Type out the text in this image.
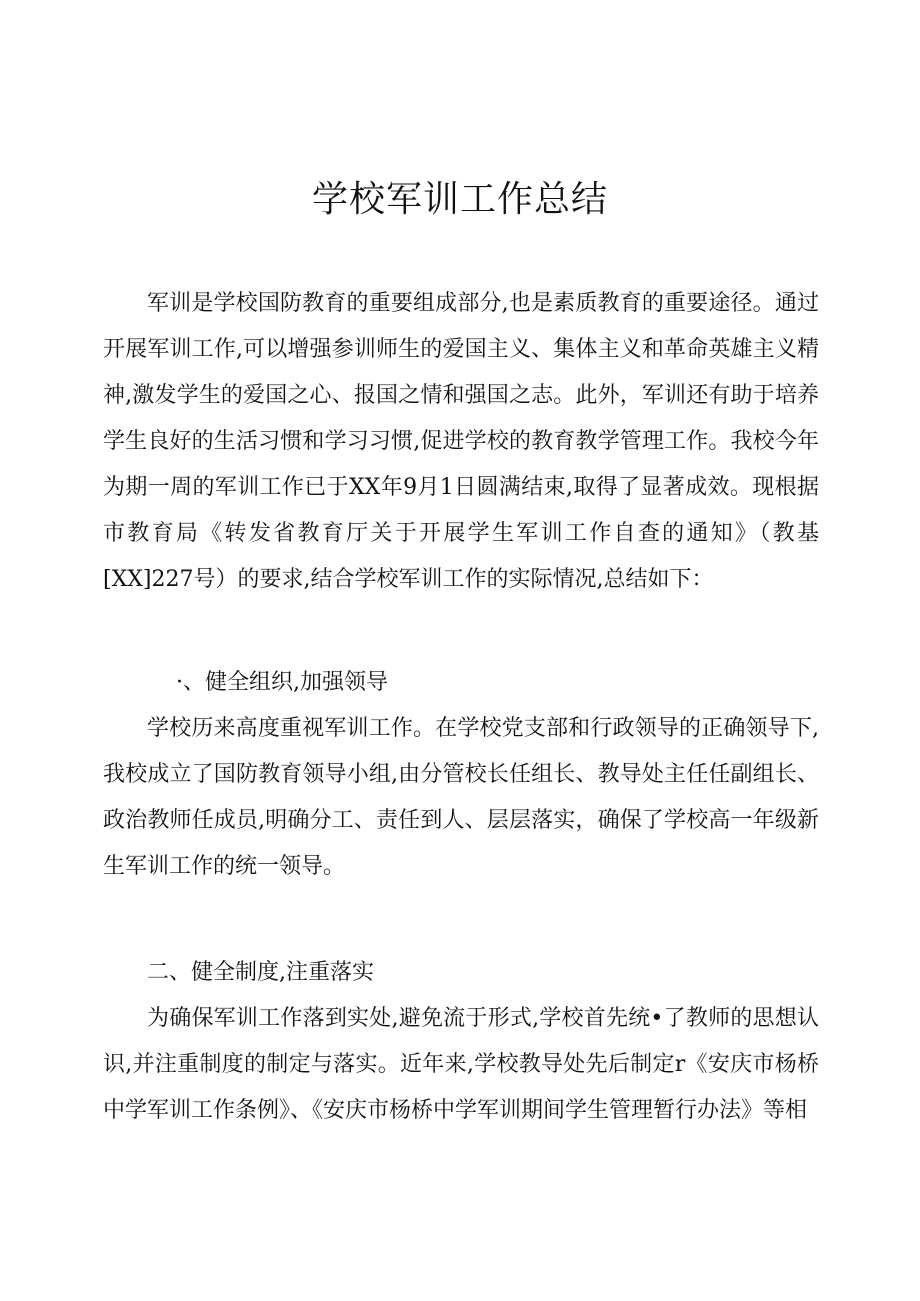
学校军训工作总结

军训是学校国防教育的重要组成部分,也是素质教育的重要途径。通过开展军训工作,可以增强参训师生的爱国主义、集体主义和革命英雄主义精神,激发学生的爱国之心、报国之情和强国之志。此外，军训还有助于培养学生良好的生活习惯和学习习惯,促进学校的教育教学管理工作。我校今年为期一周的军训工作已于XX年9月1日圆满结束,取得了显著成效。现根据市教育局《转发省教育厅关于开展学生军训工作自查的通知》（教基[XX]227号）的要求,结合学校军训工作的实际情况,总结如下：

·、健全组织,加强领导

学校历来高度重视军训工作。在学校党支部和行政领导的正确领导下,我校成立了国防教育领导小组,由分管校长任组长、教导处主任任副组长、政治教师任成员,明确分工、责任到人、层层落实，确保了学校高一年级新生军训工作的统一领导。

二、健全制度,注重落实

为确保军训工作落到实处,避免流于形式,学校首先统•了教师的思想认识,并注重制度的制定与落实。近年来,学校教导处先后制定r《安庆市杨桥中学军训工作条例》、《安庆市杨桥中学军训期间学生管理暂行办法》等相
